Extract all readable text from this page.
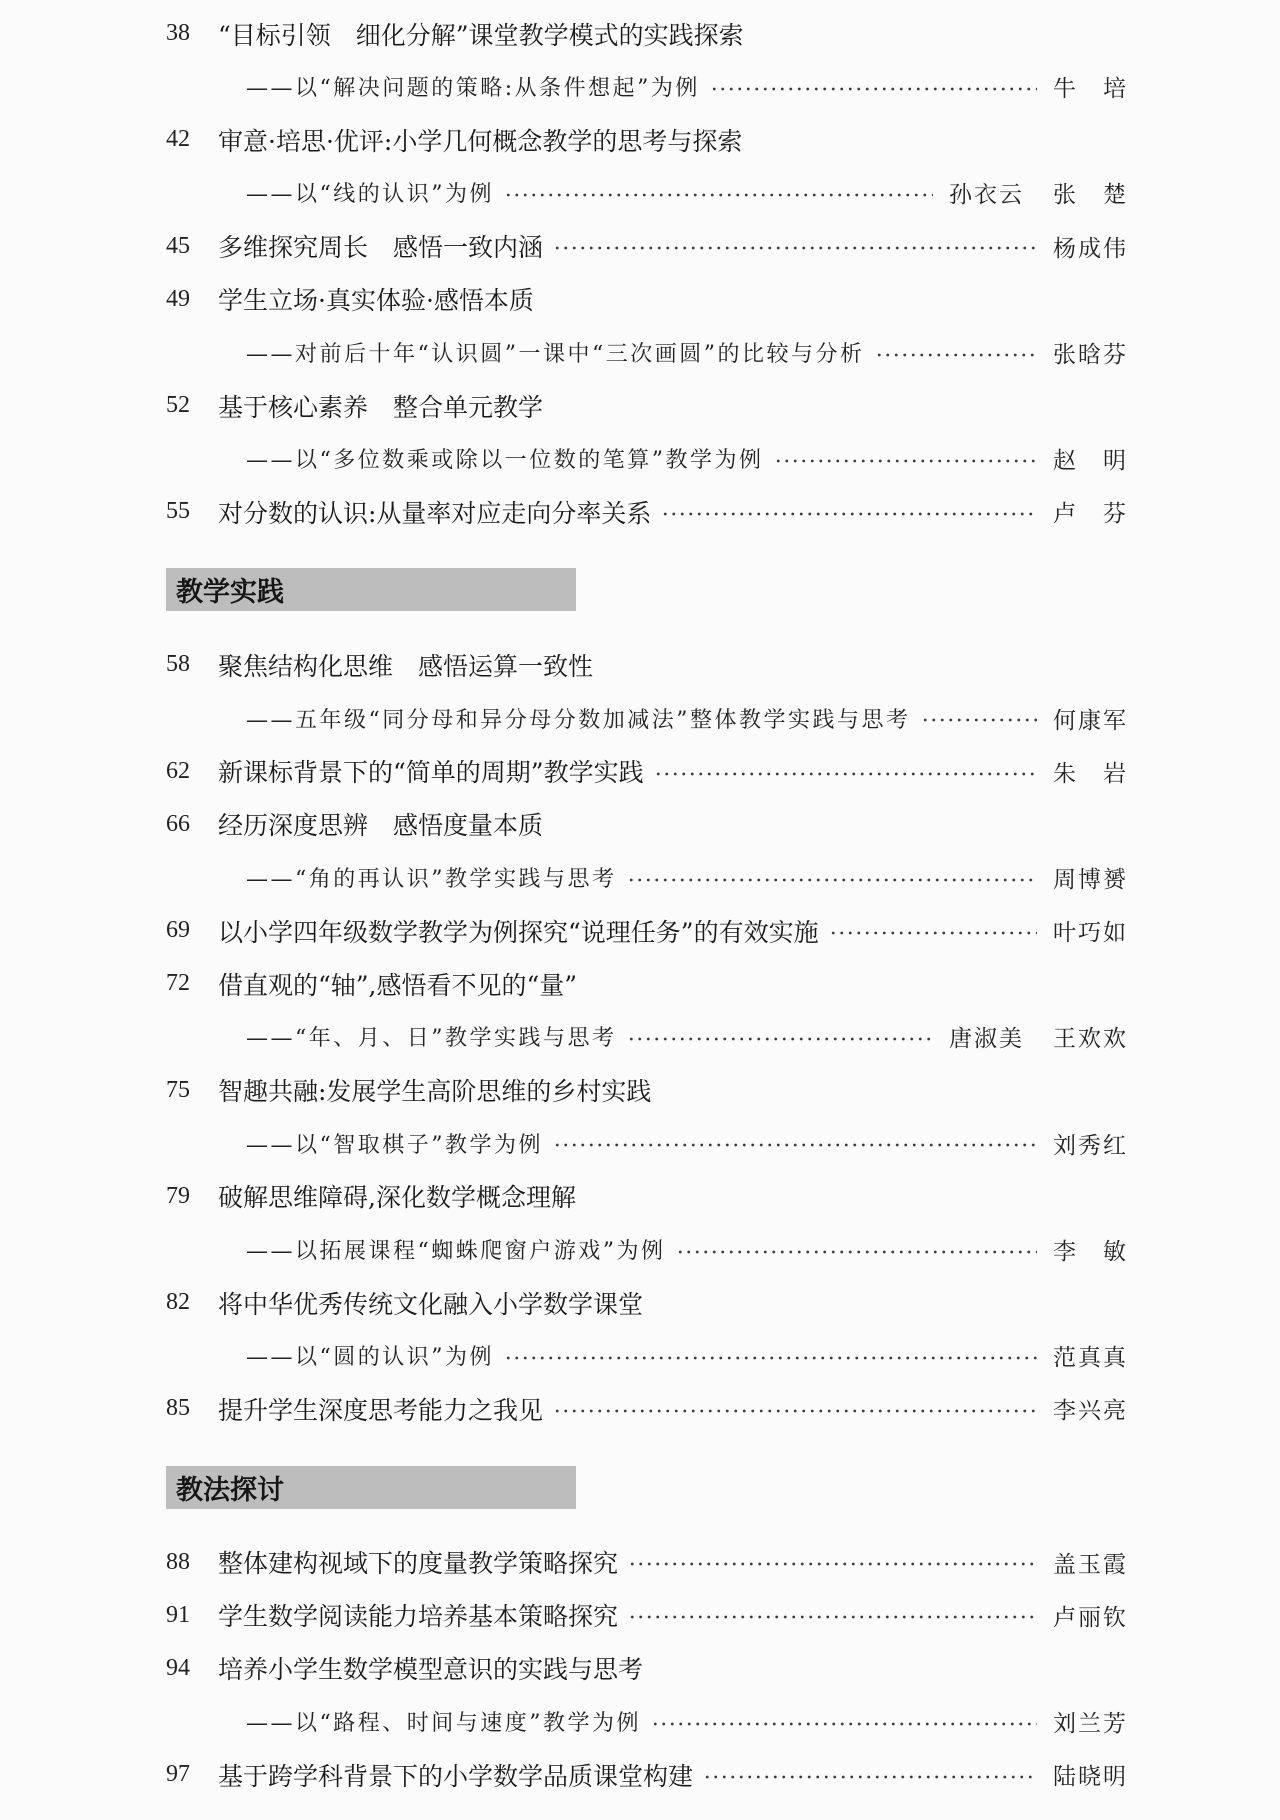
38	“目标引领　细化分解”课堂教学模式的实践探索
——以“解决问题的策略:从条件想起”为例	牛　培
42	审意·培思·优评:小学几何概念教学的思考与探索
——以“线的认识”为例	孙衣云 张　楚
45	多维探究周长　感悟一致内涵	杨成伟
49	学生立场·真实体验·感悟本质
——对前后十年“认识圆”一课中“三次画圆”的比较与分析	张晗芬
52	基于核心素养　整合单元教学
——以“多位数乘或除以一位数的笔算”教学为例	赵　明
55	对分数的认识:从量率对应走向分率关系	卢　芬
教学实践
58	聚焦结构化思维　感悟运算一致性
——五年级“同分母和异分母分数加减法”整体教学实践与思考	何康军
62	新课标背景下的“简单的周期”教学实践	朱　岩
66	经历深度思辨　感悟度量本质
——“角的再认识”教学实践与思考	周博赟
69	以小学四年级数学教学为例探究“说理任务”的有效实施	叶巧如
72	借直观的“轴”,感悟看不见的“量”
——“年、月、日”教学实践与思考	唐淑美 王欢欢
75	智趣共融:发展学生高阶思维的乡村实践
——以“智取棋子”教学为例	刘秀红
79	破解思维障碍,深化数学概念理解
——以拓展课程“蜘蛛爬窗户游戏”为例	李　敏
82	将中华优秀传统文化融入小学数学课堂
——以“圆的认识”为例	范真真
85	提升学生深度思考能力之我见	李兴亮
教法探讨
88	整体建构视域下的度量教学策略探究	盖玉霞
91	学生数学阅读能力培养基本策略探究	卢丽钦
94	培养小学生数学模型意识的实践与思考
——以“路程、时间与速度”教学为例	刘兰芳
97	基于跨学科背景下的小学数学品质课堂构建	陆晓明
